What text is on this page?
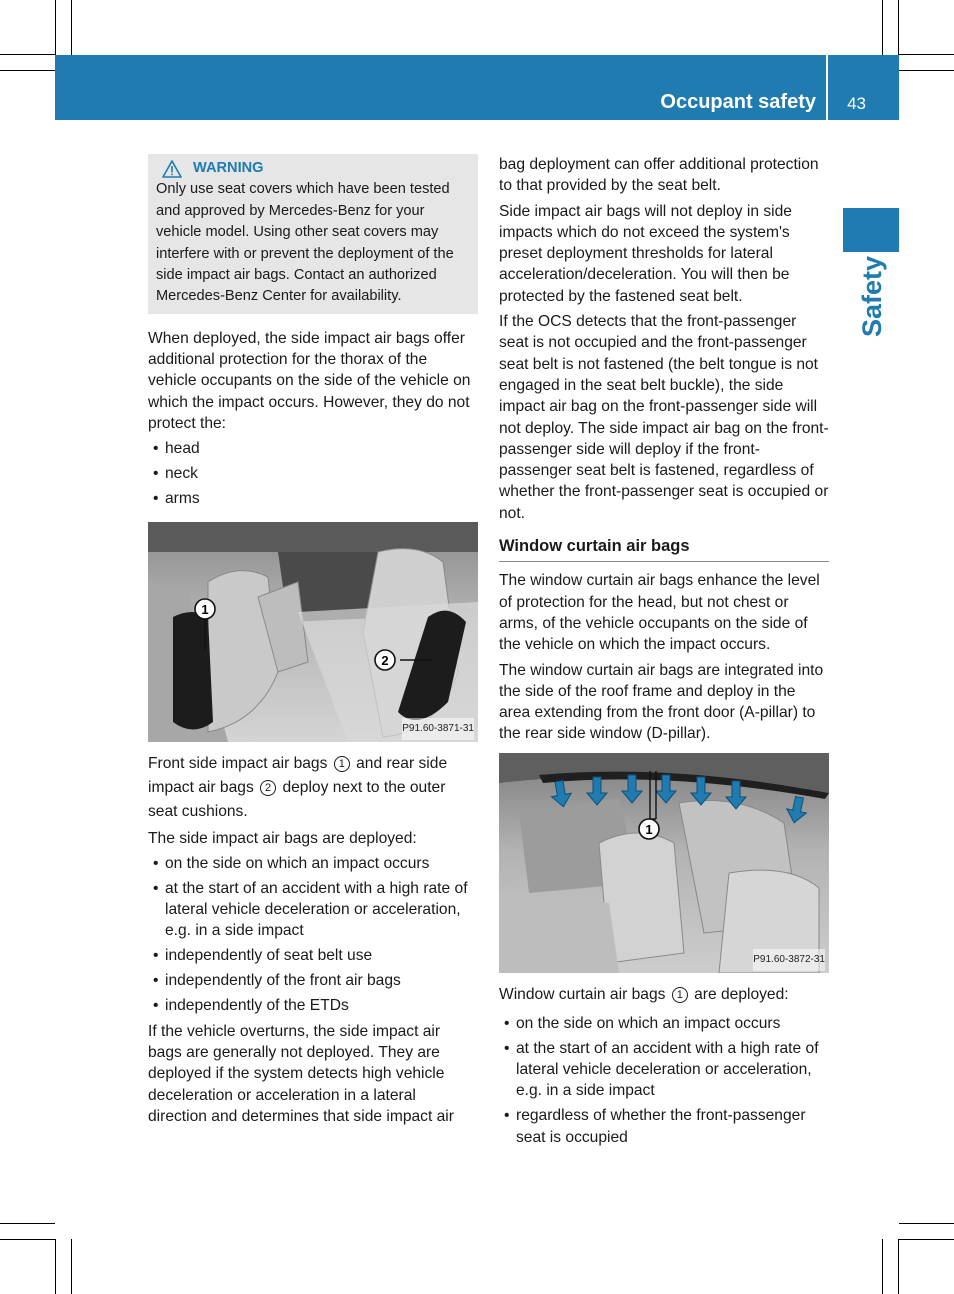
Occupant safety 43
Safety
WARNING
Only use seat covers which have been tested and approved by Mercedes-Benz for your vehicle model. Using other seat covers may interfere with or prevent the deployment of the side impact air bags. Contact an authorized Mercedes-Benz Center for availability.

When deployed, the side impact air bags offer additional protection for the thorax of the vehicle occupants on the side of the vehicle on which the impact occurs. However, they do not protect the:

• head
• neck
• arms
1
2
P91.60-3871-31

Front side impact air bags 1 and rear side impact air bags 2 deploy next to the outer seat cushions.

The side impact air bags are deployed:

• on the side on which an impact occurs
• at the start of an accident with a high rate of lateral vehicle deceleration or acceleration, e.g. in a side impact
• independently of seat belt use
• independently of the front air bags
• independently of the ETDs

If the vehicle overturns, the side impact air bags are generally not deployed. They are deployed if the system detects high vehicle deceleration or acceleration in a lateral direction and determines that side impact air

bag deployment can offer additional protection to that provided by the seat belt.

Side impact air bags will not deploy in side impacts which do not exceed the system's preset deployment thresholds for lateral acceleration/deceleration. You will then be protected by the fastened seat belt.

If the OCS detects that the front-passenger seat is not occupied and the front-passenger seat belt is not fastened (the belt tongue is not engaged in the seat belt buckle), the side impact air bag on the front-passenger side will not deploy. The side impact air bag on the front-passenger side will deploy if the front-passenger seat belt is fastened, regardless of whether the front-passenger seat is occupied or not.

Window curtain air bags

The window curtain air bags enhance the level of protection for the head, but not chest or arms, of the vehicle occupants on the side of the vehicle on which the impact occurs.

The window curtain air bags are integrated into the side of the roof frame and deploy in the area extending from the front door (A-pillar) to the rear side window (D-pillar).

1
P91.60-3872-31

Window curtain air bags 1 are deployed:

• on the side on which an impact occurs
• at the start of an accident with a high rate of lateral vehicle deceleration or acceleration, e.g. in a side impact
• regardless of whether the front-passenger seat is occupied
